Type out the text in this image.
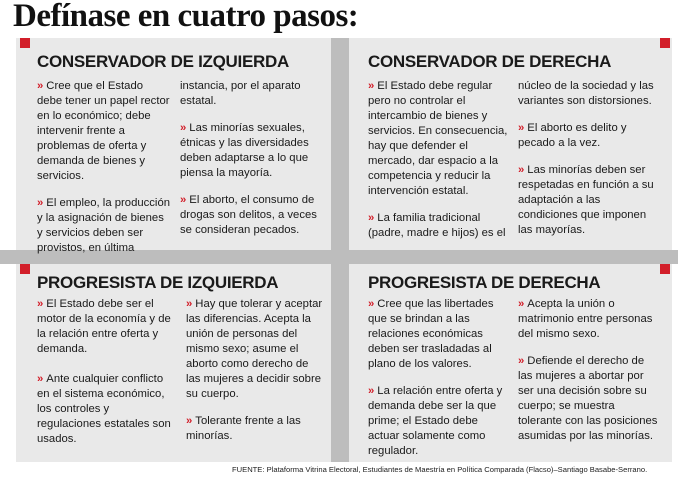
Defínase en cuatro pasos:
CONSERVADOR DE IZQUIERDA
» Cree que el Estado debe tener un papel rector en lo económico; debe intervenir frente a problemas de oferta y demanda de bienes y servicios.
» El empleo, la producción y la asignación de bienes y servicios deben ser provistos, en última
instancia, por el aparato estatal.
» Las minorías sexuales, étnicas y las diversidades deben adaptarse a lo que piensa la mayoría.
» El aborto, el consumo de drogas son delitos, a veces se consideran pecados.
CONSERVADOR DE DERECHA
» El Estado debe regular pero no controlar el intercambio de bienes y servicios. En consecuencia, hay que defender el mercado, dar espacio a la competencia y reducir la intervención estatal.
» La familia tradicional (padre, madre e hijos) es el
núcleo de la sociedad y las variantes son distorsiones.
» El aborto es delito y pecado a la vez.
» Las minorías deben ser respetadas en función a su adaptación a las condiciones que imponen las mayorías.
PROGRESISTA DE IZQUIERDA
» El Estado debe ser el motor de la economía y de la relación entre oferta y demanda.
» Ante cualquier conflicto en el sistema económico, los controles y regulaciones estatales son usados.
» Hay que tolerar y aceptar las diferencias. Acepta la unión de personas del mismo sexo; asume el aborto como derecho de las mujeres a decidir sobre su cuerpo.
» Tolerante frente a las minorías.
PROGRESISTA DE DERECHA
» Cree que las libertades que se brindan a las relaciones económicas deben ser trasladadas al plano de los valores.
» La relación entre oferta y demanda debe ser la que prime; el Estado debe actuar solamente como regulador.
» Acepta la unión o matrimonio entre personas del mismo sexo.
» Defiende el derecho de las mujeres a abortar por ser una decisión sobre su cuerpo; se muestra tolerante con las posiciones asumidas por las minorías.
FUENTE: Plataforma Vitrina Electoral, Estudiantes de Maestría en Política Comparada (Flacso)–Santiago Basabe-Serrano.
